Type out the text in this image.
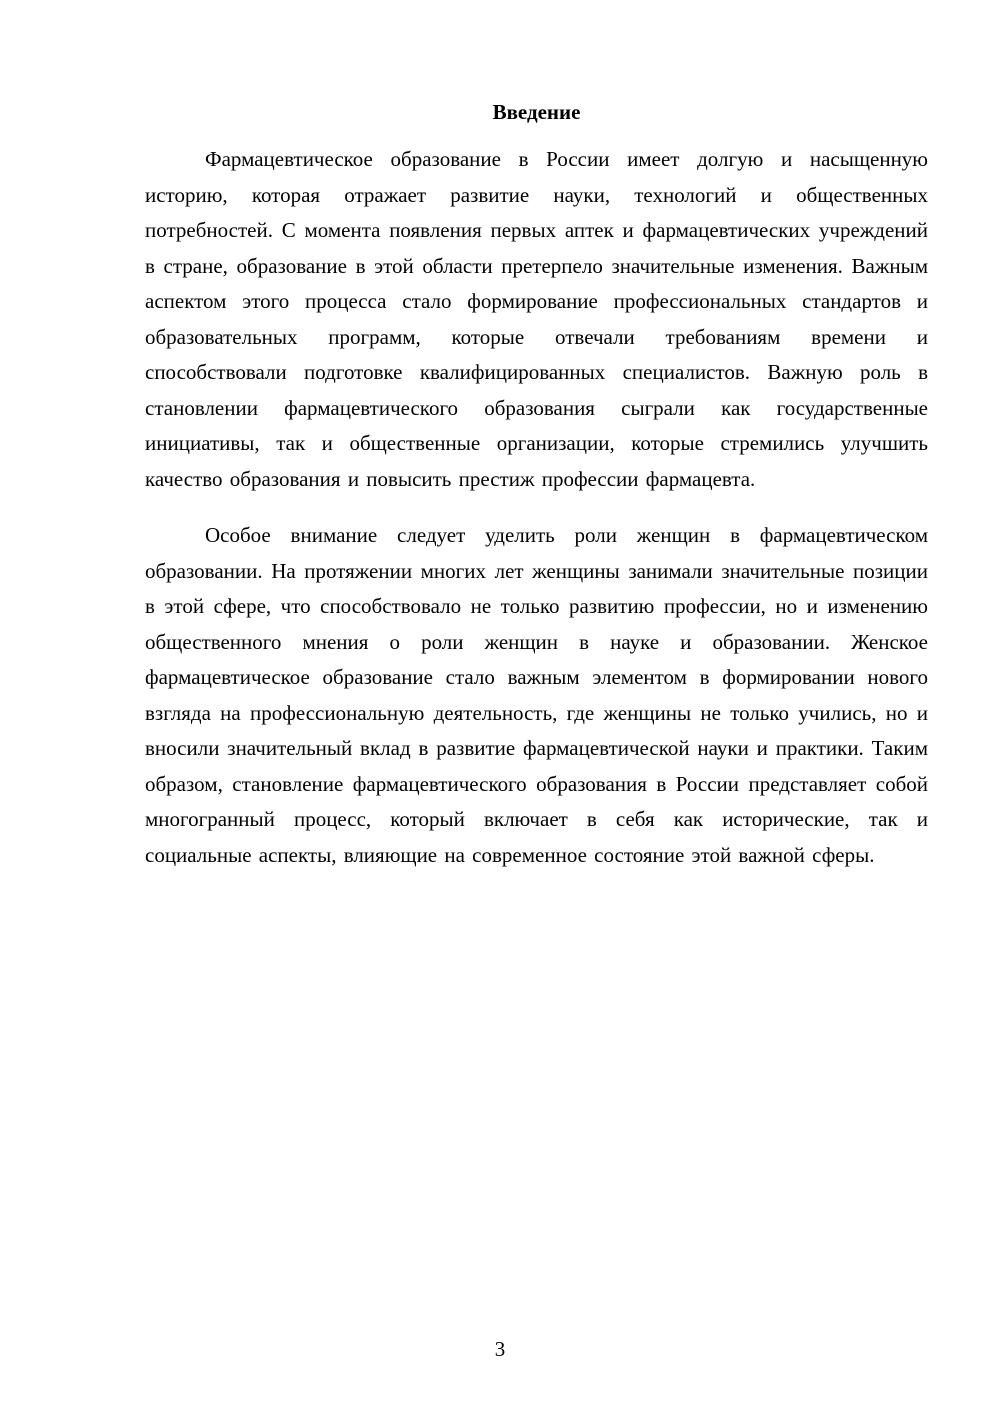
Введение

Фармацевтическое образование в России имеет долгую и насыщенную историю, которая отражает развитие науки, технологий и общественных потребностей. С момента появления первых аптек и фармацевтических учреждений в стране, образование в этой области претерпело значительные изменения. Важным аспектом этого процесса стало формирование профессиональных стандартов и образовательных программ, которые отвечали требованиям времени и способствовали подготовке квалифицированных специалистов. Важную роль в становлении фармацевтического образования сыграли как государственные инициативы, так и общественные организации, которые стремились улучшить качество образования и повысить престиж профессии фармацевта.

Особое внимание следует уделить роли женщин в фармацевтическом образовании. На протяжении многих лет женщины занимали значительные позиции в этой сфере, что способствовало не только развитию профессии, но и изменению общественного мнения о роли женщин в науке и образовании. Женское фармацевтическое образование стало важным элементом в формировании нового взгляда на профессиональную деятельность, где женщины не только учились, но и вносили значительный вклад в развитие фармацевтической науки и практики. Таким образом, становление фармацевтического образования в России представляет собой многогранный процесс, который включает в себя как исторические, так и социальные аспекты, влияющие на современное состояние этой важной сферы.

3
